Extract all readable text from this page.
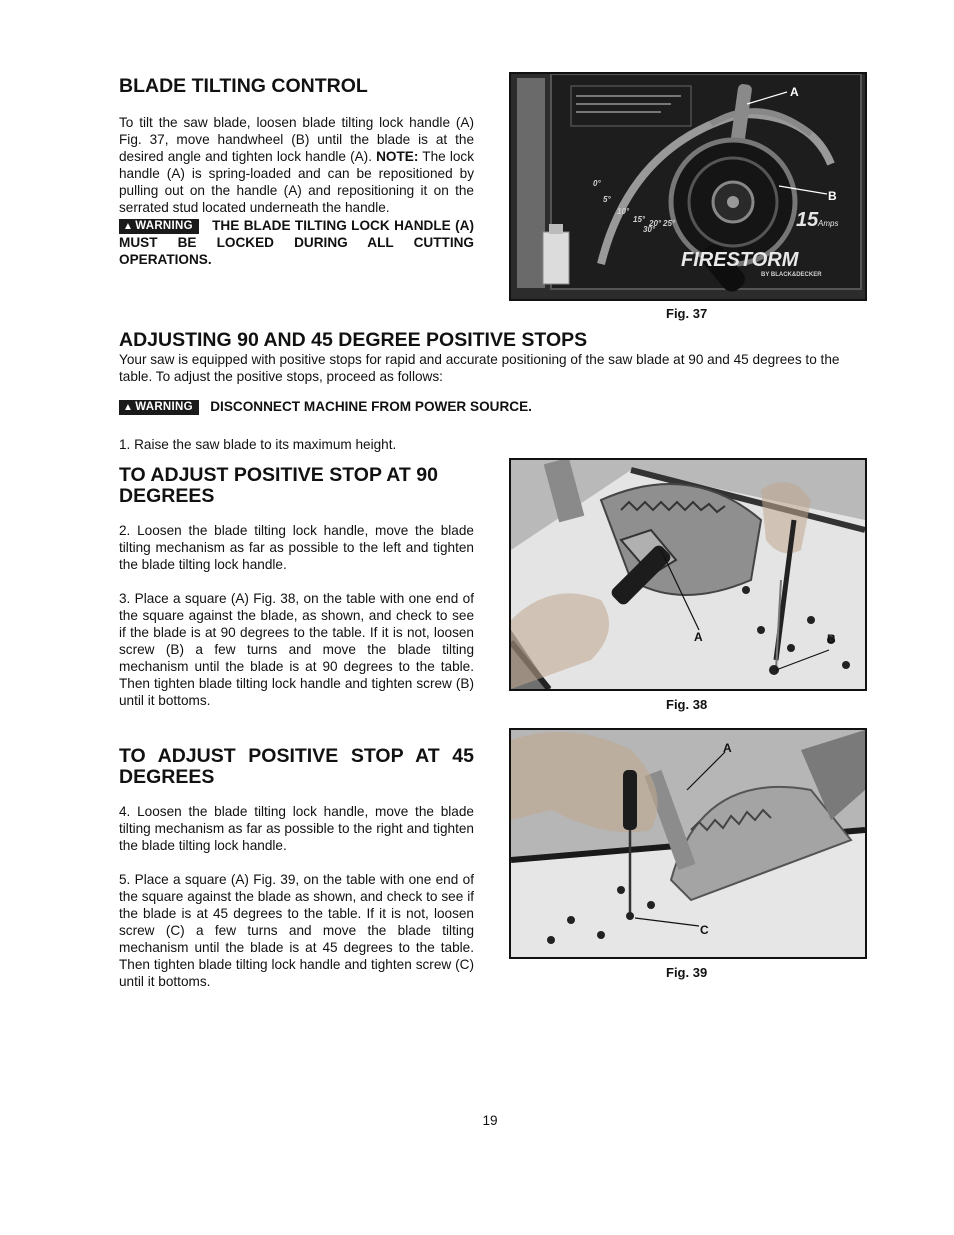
BLADE TILTING CONTROL

To tilt the saw blade, loosen blade tilting lock handle (A) Fig. 37, move handwheel (B) until the blade is at the desired angle and tighten lock handle (A). NOTE: The lock handle (A) is spring-loaded and can be repositioned by pulling out on the handle (A) and repositioning it on the serrated stud located underneath the handle.

▲ WARNING THE BLADE TILTING LOCK HANDLE (A) MUST BE LOCKED DURING ALL CUTTING OPERATIONS.

0°
5°
10°
15° 20° 25°
30°	15 Amps
FIRESTORM
BY BLACK&DECKER
A
B
Fig. 37
ADJUSTING 90 AND 45 DEGREE POSITIVE STOPS

Your saw is equipped with positive stops for rapid and accurate positioning of the saw blade at 90 and 45 degrees to the table. To adjust the positive stops, proceed as follows:

▲ WARNING DISCONNECT MACHINE FROM POWER SOURCE.

1. Raise the saw blade to its maximum height.

TO ADJUST POSITIVE STOP AT 90 DEGREES

2. Loosen the blade tilting lock handle, move the blade tilting mechanism as far as possible to the left and tighten the blade tilting lock handle.

3. Place a square (A) Fig. 38, on the table with one end of the square against the blade, as shown, and check to see if the blade is at 90 degrees to the table. If it is not, loosen screw (B) a few turns and move the blade tilting mechanism until the blade is at 90 degrees to the table. Then tighten blade tilting lock handle and tighten screw (B) until it bottoms.

A	B
Fig. 38
TO ADJUST POSITIVE STOP AT 45 DEGREES

4. Loosen the blade tilting lock handle, move the blade tilting mechanism as far as possible to the right and tighten the blade tilting lock handle.

5. Place a square (A) Fig. 39, on the table with one end of the square against the blade as shown, and check to see if the blade is at 45 degrees to the table. If it is not, loosen screw (C) a few turns and move the blade tilting mechanism until the blade is at 45 degrees to the table. Then tighten blade tilting lock handle and tighten screw (C) until it bottoms.

A
C
Fig. 39
19
